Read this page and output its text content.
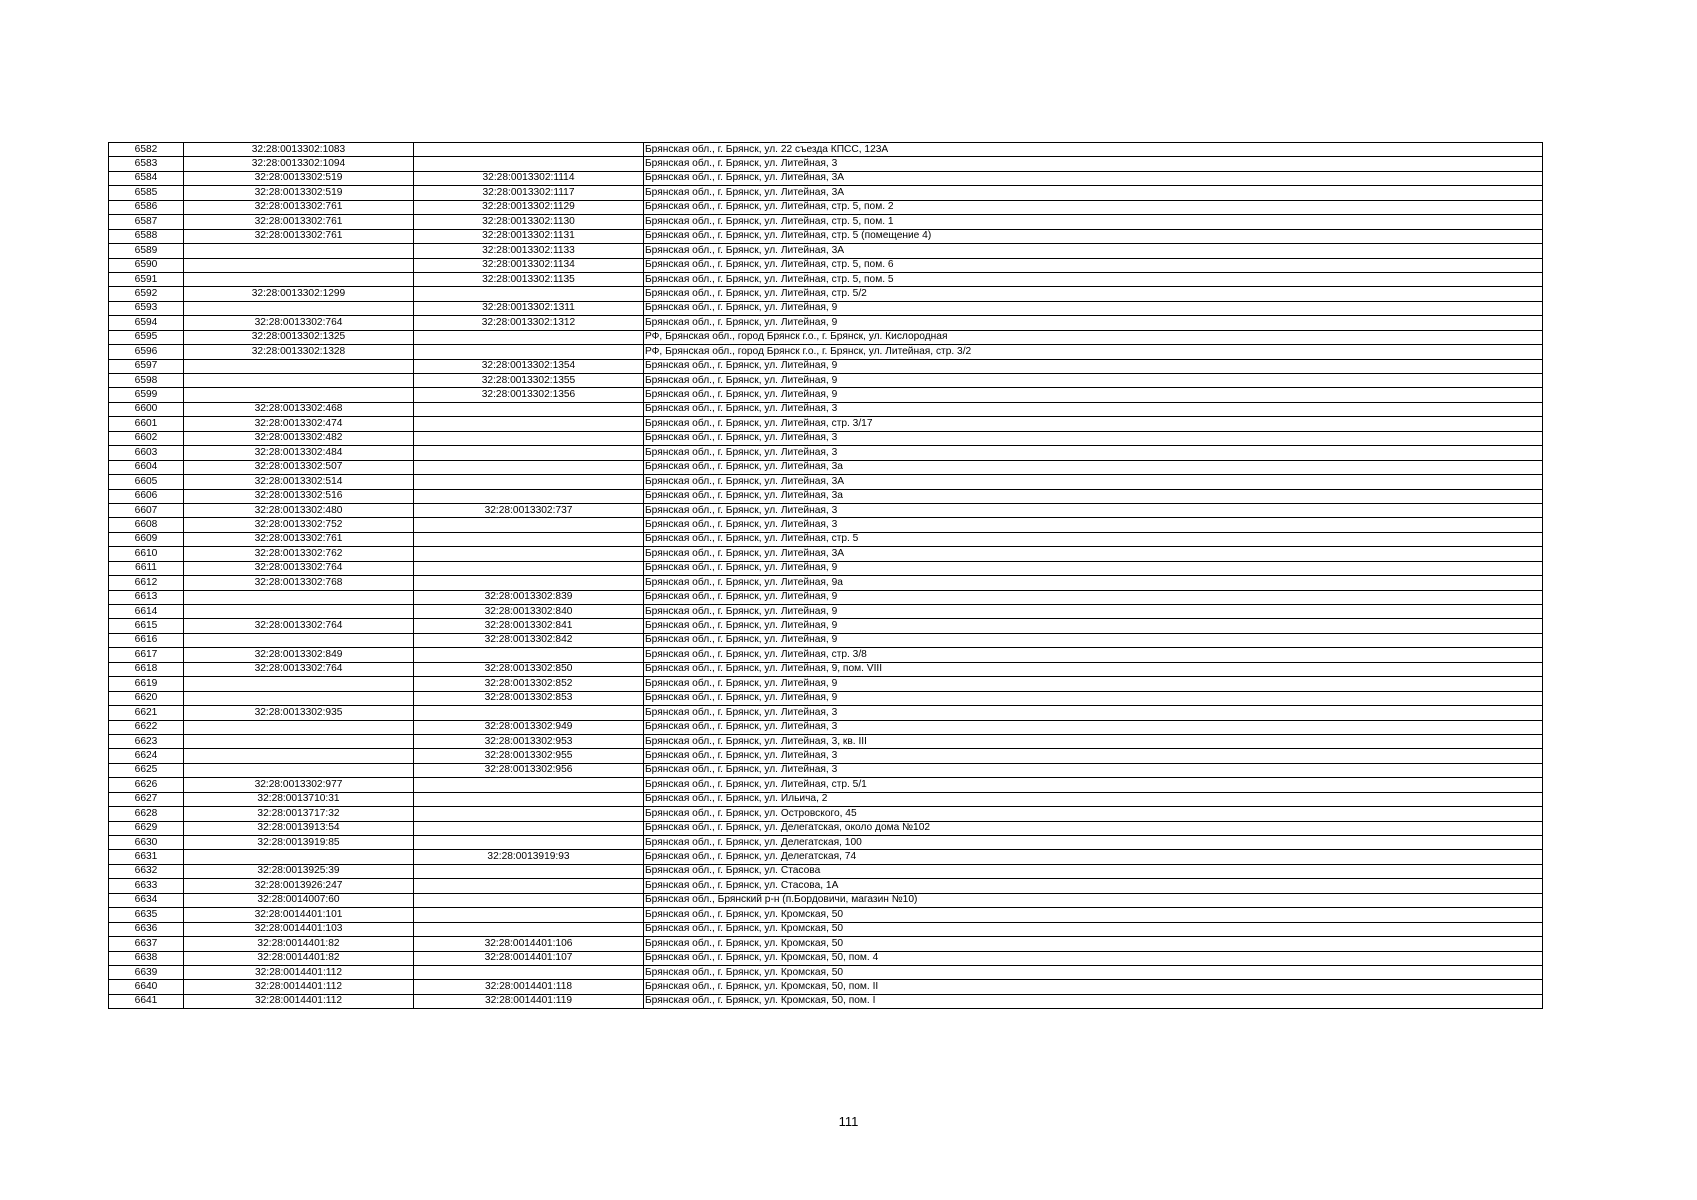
6582	32:28:0013302:1083		Брянская обл., г. Брянск, ул. 22 съезда КПСС, 123А
6583	32:28:0013302:1094		Брянская обл., г. Брянск, ул. Литейная, 3
6584	32:28:0013302:519	32:28:0013302:1114	Брянская обл., г. Брянск, ул. Литейная, 3А
6585	32:28:0013302:519	32:28:0013302:1117	Брянская обл., г. Брянск, ул. Литейная, 3А
6586	32:28:0013302:761	32:28:0013302:1129	Брянская обл., г. Брянск, ул. Литейная, стр. 5, пом. 2
6587	32:28:0013302:761	32:28:0013302:1130	Брянская обл., г. Брянск, ул. Литейная, стр. 5, пом. 1
6588	32:28:0013302:761	32:28:0013302:1131	Брянская обл., г. Брянск, ул. Литейная, стр. 5 (помещение 4)
6589		32:28:0013302:1133	Брянская обл., г. Брянск, ул. Литейная, 3А
6590		32:28:0013302:1134	Брянская обл., г. Брянск, ул. Литейная, стр. 5, пом. 6
6591		32:28:0013302:1135	Брянская обл., г. Брянск, ул. Литейная, стр. 5, пом. 5
6592	32:28:0013302:1299		Брянская обл., г. Брянск, ул. Литейная, стр. 5/2
6593		32:28:0013302:1311	Брянская обл., г. Брянск, ул. Литейная, 9
6594	32:28:0013302:764	32:28:0013302:1312	Брянская обл., г. Брянск, ул. Литейная, 9
6595	32:28:0013302:1325		РФ, Брянская обл., город Брянск г.о., г. Брянск, ул. Кислородная
6596	32:28:0013302:1328		РФ, Брянская обл., город Брянск г.о., г. Брянск, ул. Литейная, стр. 3/2
6597		32:28:0013302:1354	Брянская обл., г. Брянск, ул. Литейная, 9
6598		32:28:0013302:1355	Брянская обл., г. Брянск, ул. Литейная, 9
6599		32:28:0013302:1356	Брянская обл., г. Брянск, ул. Литейная, 9
6600	32:28:0013302:468		Брянская обл., г. Брянск, ул. Литейная, 3
6601	32:28:0013302:474		Брянская обл., г. Брянск, ул. Литейная, стр. 3/17
6602	32:28:0013302:482		Брянская обл., г. Брянск, ул. Литейная, 3
6603	32:28:0013302:484		Брянская обл., г. Брянск, ул. Литейная, 3
6604	32:28:0013302:507		Брянская обл., г. Брянск, ул. Литейная, 3а
6605	32:28:0013302:514		Брянская обл., г. Брянск, ул. Литейная, 3А
6606	32:28:0013302:516		Брянская обл., г. Брянск, ул. Литейная, 3а
6607	32:28:0013302:480	32:28:0013302:737	Брянская обл., г. Брянск, ул. Литейная, 3
6608	32:28:0013302:752		Брянская обл., г. Брянск, ул. Литейная, 3
6609	32:28:0013302:761		Брянская обл., г. Брянск, ул. Литейная, стр. 5
6610	32:28:0013302:762		Брянская обл., г. Брянск, ул. Литейная, 3А
6611	32:28:0013302:764		Брянская обл., г. Брянск, ул. Литейная, 9
6612	32:28:0013302:768		Брянская обл., г. Брянск, ул. Литейная, 9а
6613		32:28:0013302:839	Брянская обл., г. Брянск, ул. Литейная, 9
6614		32:28:0013302:840	Брянская обл., г. Брянск, ул. Литейная, 9
6615	32:28:0013302:764	32:28:0013302:841	Брянская обл., г. Брянск, ул. Литейная, 9
6616		32:28:0013302:842	Брянская обл., г. Брянск, ул. Литейная, 9
6617	32:28:0013302:849		Брянская обл., г. Брянск, ул. Литейная, стр. 3/8
6618	32:28:0013302:764	32:28:0013302:850	Брянская обл., г. Брянск, ул. Литейная, 9, пом. VIII
6619		32:28:0013302:852	Брянская обл., г. Брянск, ул. Литейная, 9
6620		32:28:0013302:853	Брянская обл., г. Брянск, ул. Литейная, 9
6621	32:28:0013302:935		Брянская обл., г. Брянск, ул. Литейная, 3
6622		32:28:0013302:949	Брянская обл., г. Брянск, ул. Литейная, 3
6623		32:28:0013302:953	Брянская обл., г. Брянск, ул. Литейная, 3, кв. III
6624		32:28:0013302:955	Брянская обл., г. Брянск, ул. Литейная, 3
6625		32:28:0013302:956	Брянская обл., г. Брянск, ул. Литейная, 3
6626	32:28:0013302:977		Брянская обл., г. Брянск, ул. Литейная, стр. 5/1
6627	32:28:0013710:31		Брянская обл., г. Брянск, ул. Ильича, 2
6628	32:28:0013717:32		Брянская обл., г. Брянск, ул. Островского, 45
6629	32:28:0013913:54		Брянская обл., г. Брянск, ул. Делегатская, около дома №102
6630	32:28:0013919:85		Брянская обл., г. Брянск, ул. Делегатская, 100
6631		32:28:0013919:93	Брянская обл., г. Брянск, ул. Делегатская, 74
6632	32:28:0013925:39		Брянская обл., г. Брянск, ул. Стасова
6633	32:28:0013926:247		Брянская обл., г. Брянск, ул. Стасова, 1А
6634	32:28:0014007:60		Брянская обл., Брянский р-н (п.Бордовичи, магазин №10)
6635	32:28:0014401:101		Брянская обл., г. Брянск, ул. Кромская, 50
6636	32:28:0014401:103		Брянская обл., г. Брянск, ул. Кромская, 50
6637	32:28:0014401:82	32:28:0014401:106	Брянская обл., г. Брянск, ул. Кромская, 50
6638	32:28:0014401:82	32:28:0014401:107	Брянская обл., г. Брянск, ул. Кромская, 50, пом. 4
6639	32:28:0014401:112		Брянская обл., г. Брянск, ул. Кромская, 50
6640	32:28:0014401:112	32:28:0014401:118	Брянская обл., г. Брянск, ул. Кромская, 50, пом. II
6641	32:28:0014401:112	32:28:0014401:119	Брянская обл., г. Брянск, ул. Кромская, 50, пом. I
111
